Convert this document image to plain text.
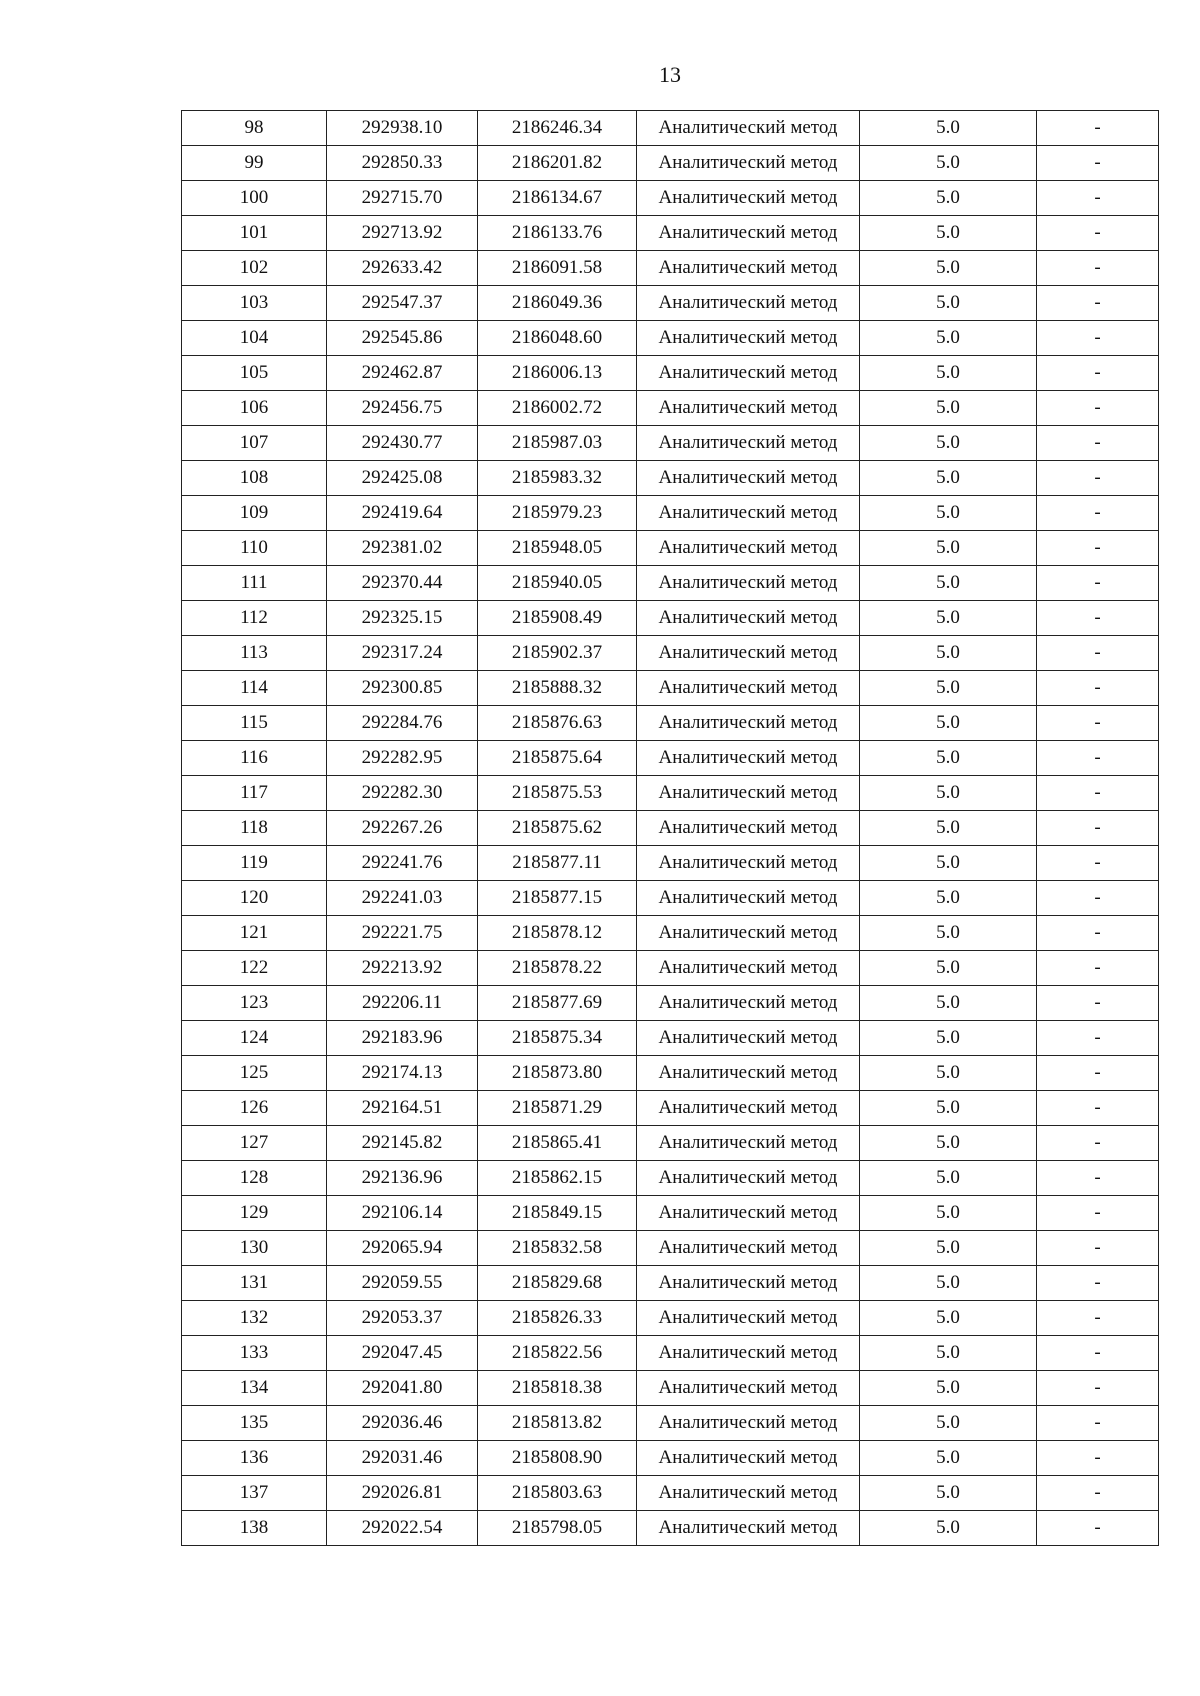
13
98	292938.10	2186246.34	Аналитический метод	5.0	-
99	292850.33	2186201.82	Аналитический метод	5.0	-
100	292715.70	2186134.67	Аналитический метод	5.0	-
101	292713.92	2186133.76	Аналитический метод	5.0	-
102	292633.42	2186091.58	Аналитический метод	5.0	-
103	292547.37	2186049.36	Аналитический метод	5.0	-
104	292545.86	2186048.60	Аналитический метод	5.0	-
105	292462.87	2186006.13	Аналитический метод	5.0	-
106	292456.75	2186002.72	Аналитический метод	5.0	-
107	292430.77	2185987.03	Аналитический метод	5.0	-
108	292425.08	2185983.32	Аналитический метод	5.0	-
109	292419.64	2185979.23	Аналитический метод	5.0	-
110	292381.02	2185948.05	Аналитический метод	5.0	-
111	292370.44	2185940.05	Аналитический метод	5.0	-
112	292325.15	2185908.49	Аналитический метод	5.0	-
113	292317.24	2185902.37	Аналитический метод	5.0	-
114	292300.85	2185888.32	Аналитический метод	5.0	-
115	292284.76	2185876.63	Аналитический метод	5.0	-
116	292282.95	2185875.64	Аналитический метод	5.0	-
117	292282.30	2185875.53	Аналитический метод	5.0	-
118	292267.26	2185875.62	Аналитический метод	5.0	-
119	292241.76	2185877.11	Аналитический метод	5.0	-
120	292241.03	2185877.15	Аналитический метод	5.0	-
121	292221.75	2185878.12	Аналитический метод	5.0	-
122	292213.92	2185878.22	Аналитический метод	5.0	-
123	292206.11	2185877.69	Аналитический метод	5.0	-
124	292183.96	2185875.34	Аналитический метод	5.0	-
125	292174.13	2185873.80	Аналитический метод	5.0	-
126	292164.51	2185871.29	Аналитический метод	5.0	-
127	292145.82	2185865.41	Аналитический метод	5.0	-
128	292136.96	2185862.15	Аналитический метод	5.0	-
129	292106.14	2185849.15	Аналитический метод	5.0	-
130	292065.94	2185832.58	Аналитический метод	5.0	-
131	292059.55	2185829.68	Аналитический метод	5.0	-
132	292053.37	2185826.33	Аналитический метод	5.0	-
133	292047.45	2185822.56	Аналитический метод	5.0	-
134	292041.80	2185818.38	Аналитический метод	5.0	-
135	292036.46	2185813.82	Аналитический метод	5.0	-
136	292031.46	2185808.90	Аналитический метод	5.0	-
137	292026.81	2185803.63	Аналитический метод	5.0	-
138	292022.54	2185798.05	Аналитический метод	5.0	-
